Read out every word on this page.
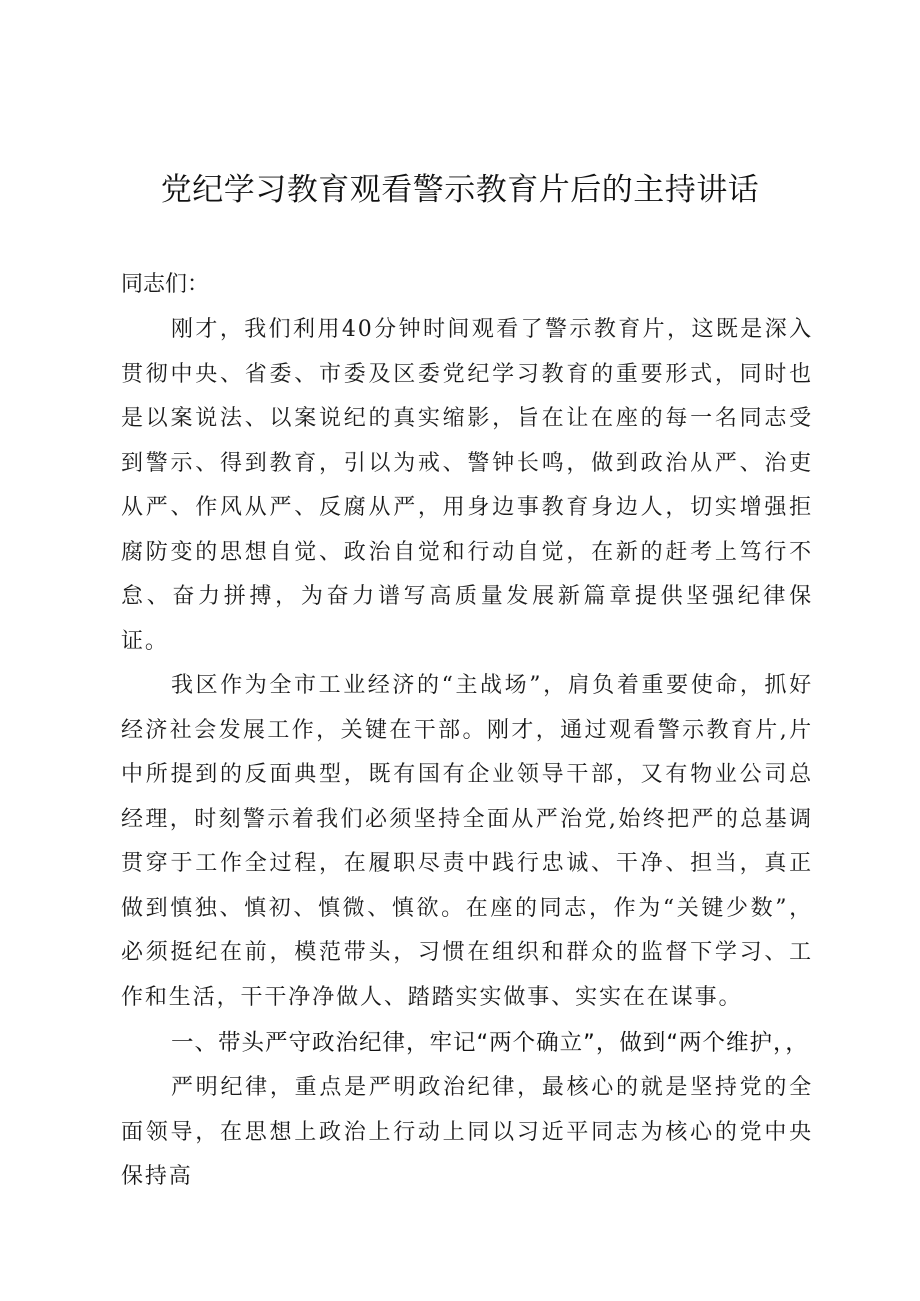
党纪学习教育观看警示教育片后的主持讲话
同志们：

刚才，我们利用40分钟时间观看了警示教育片，这既是深入贯彻中央、省委、市委及区委党纪学习教育的重要形式，同时也是以案说法、以案说纪的真实缩影，旨在让在座的每一名同志受到警示、得到教育，引以为戒、警钟长鸣，做到政治从严、治吏从严、作风从严、反腐从严，用身边事教育身边人，切实增强拒腐防变的思想自觉、政治自觉和行动自觉，在新的赶考上笃行不怠、奋力拼搏，为奋力谱写高质量发展新篇章提供坚强纪律保证。

我区作为全市工业经济的“主战场”，肩负着重要使命，抓好经济社会发展工作，关键在干部。刚才，通过观看警示教育片,片中所提到的反面典型，既有国有企业领导干部，又有物业公司总经理，时刻警示着我们必须坚持全面从严治党,始终把严的总基调贯穿于工作全过程，在履职尽责中践行忠诚、干净、担当，真正做到慎独、慎初、慎微、慎欲。在座的同志，作为“关键少数”，必须挺纪在前，模范带头，习惯在组织和群众的监督下学习、工作和生活，干干净净做人、踏踏实实做事、实实在在谋事。

一、带头严守政治纪律，牢记“两个确立”，做到“两个维护，，

严明纪律，重点是严明政治纪律，最核心的就是坚持党的全面领导，在思想上政治上行动上同以习近平同志为核心的党中央保持高
